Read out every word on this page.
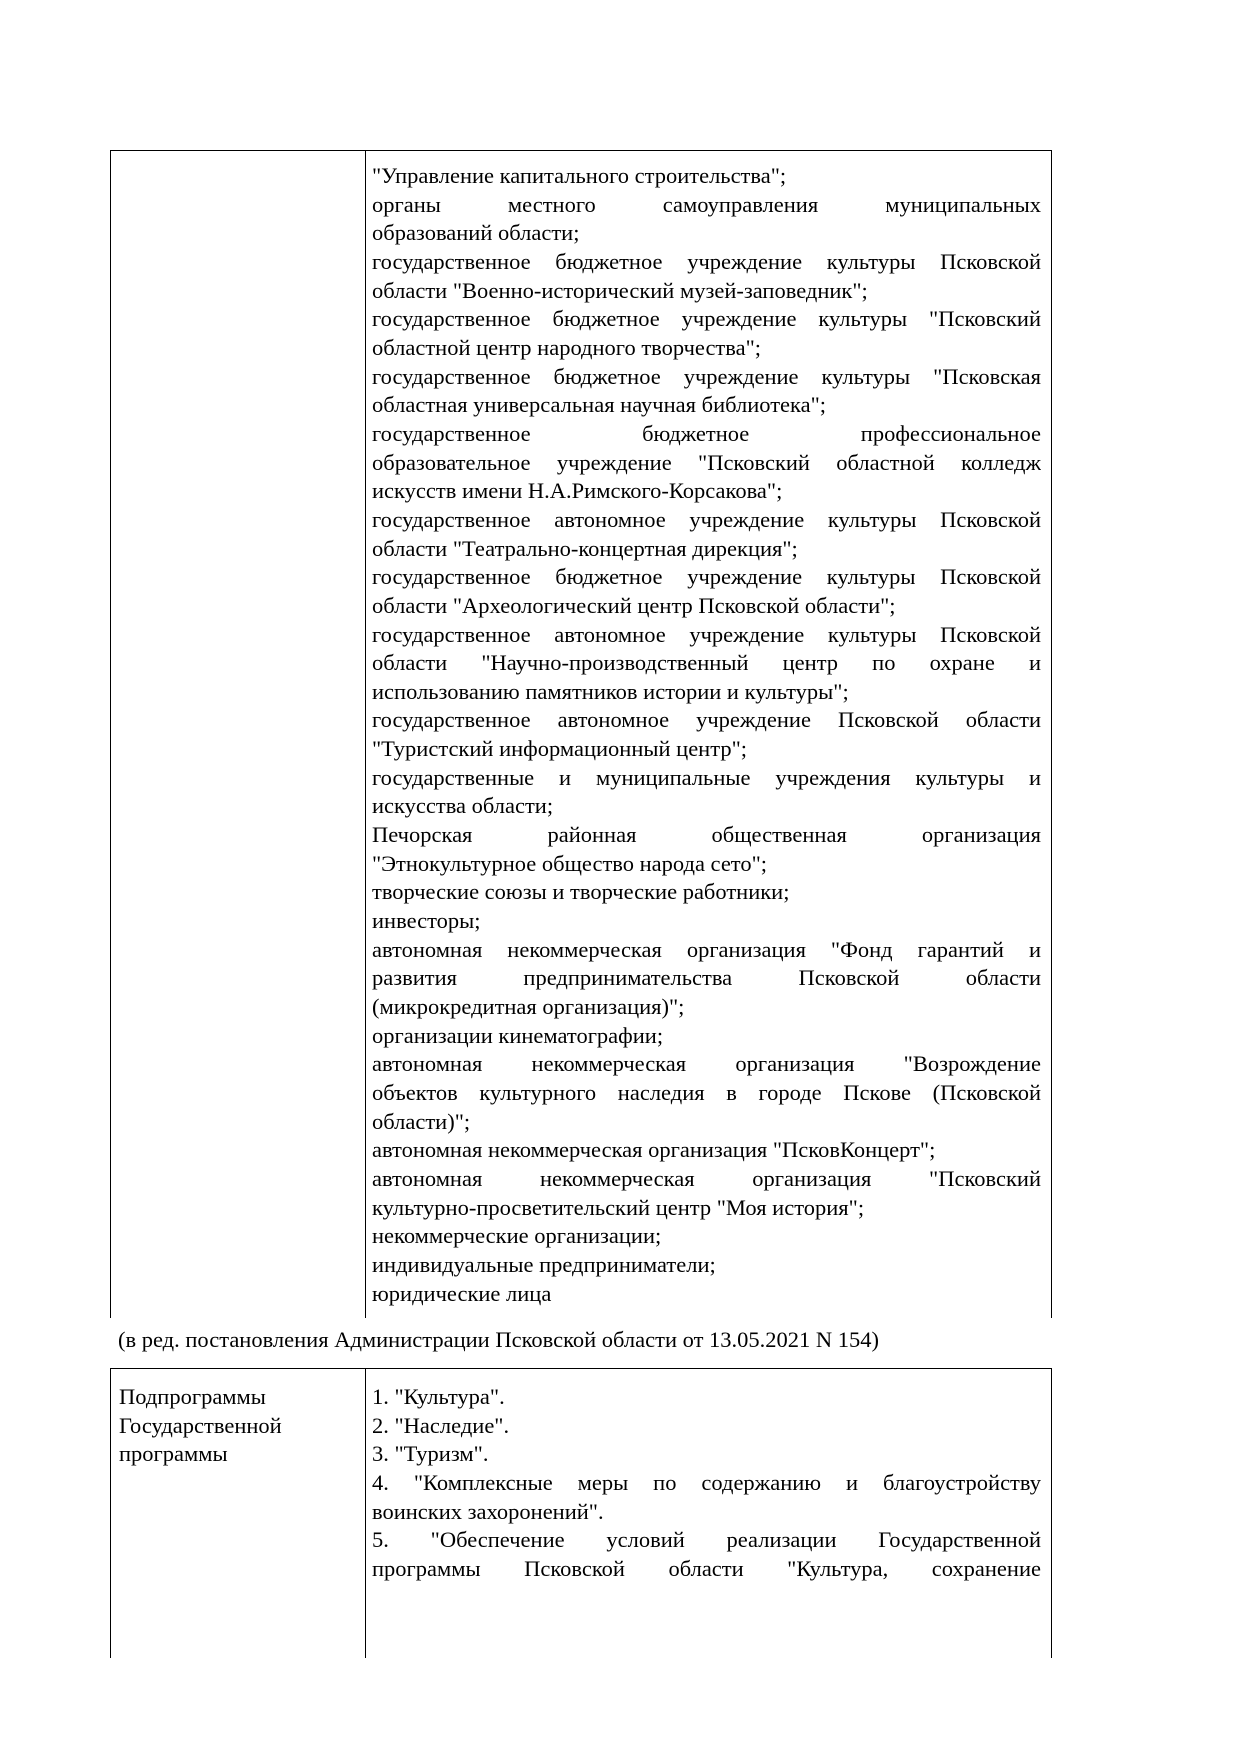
"Управление капитального строительства";
органы местного самоуправления муниципальных
образований области;
государственное бюджетное учреждение культуры Псковской
области "Военно-исторический музей-заповедник";
государственное бюджетное учреждение культуры "Псковский
областной центр народного творчества";
государственное бюджетное учреждение культуры "Псковская
областная универсальная научная библиотека";
государственное бюджетное профессиональное
образовательное учреждение "Псковский областной колледж
искусств имени Н.А.Римского-Корсакова";
государственное автономное учреждение культуры Псковской
области "Театрально-концертная дирекция";
государственное бюджетное учреждение культуры Псковской
области "Археологический центр Псковской области";
государственное автономное учреждение культуры Псковской
области "Научно-производственный центр по охране и
использованию памятников истории и культуры";
государственное автономное учреждение Псковской области
"Туристский информационный центр";
государственные и муниципальные учреждения культуры и
искусства области;
Печорская районная общественная организация
"Этнокультурное общество народа сето";
творческие союзы и творческие работники;
инвесторы;
автономная некоммерческая организация "Фонд гарантий и
развития предпринимательства Псковской области
(микрокредитная организация)";
организации кинематографии;
автономная некоммерческая организация "Возрождение
объектов культурного наследия в городе Пскове (Псковской
области)";
автономная некоммерческая организация "ПсковКонцерт";
автономная некоммерческая организация "Псковский
культурно-просветительский центр "Моя история";
некоммерческие организации;
индивидуальные предприниматели;
юридические лица
(в ред. постановления Администрации Псковской области от 13.05.2021 N 154)
Подпрограммы
Государственной
программы
1. "Культура".
2. "Наследие".
3. "Туризм".
4. "Комплексные меры по содержанию и благоустройству
воинских захоронений".
5. "Обеспечение условий реализации Государственной
программы Псковской области "Культура, сохранение
